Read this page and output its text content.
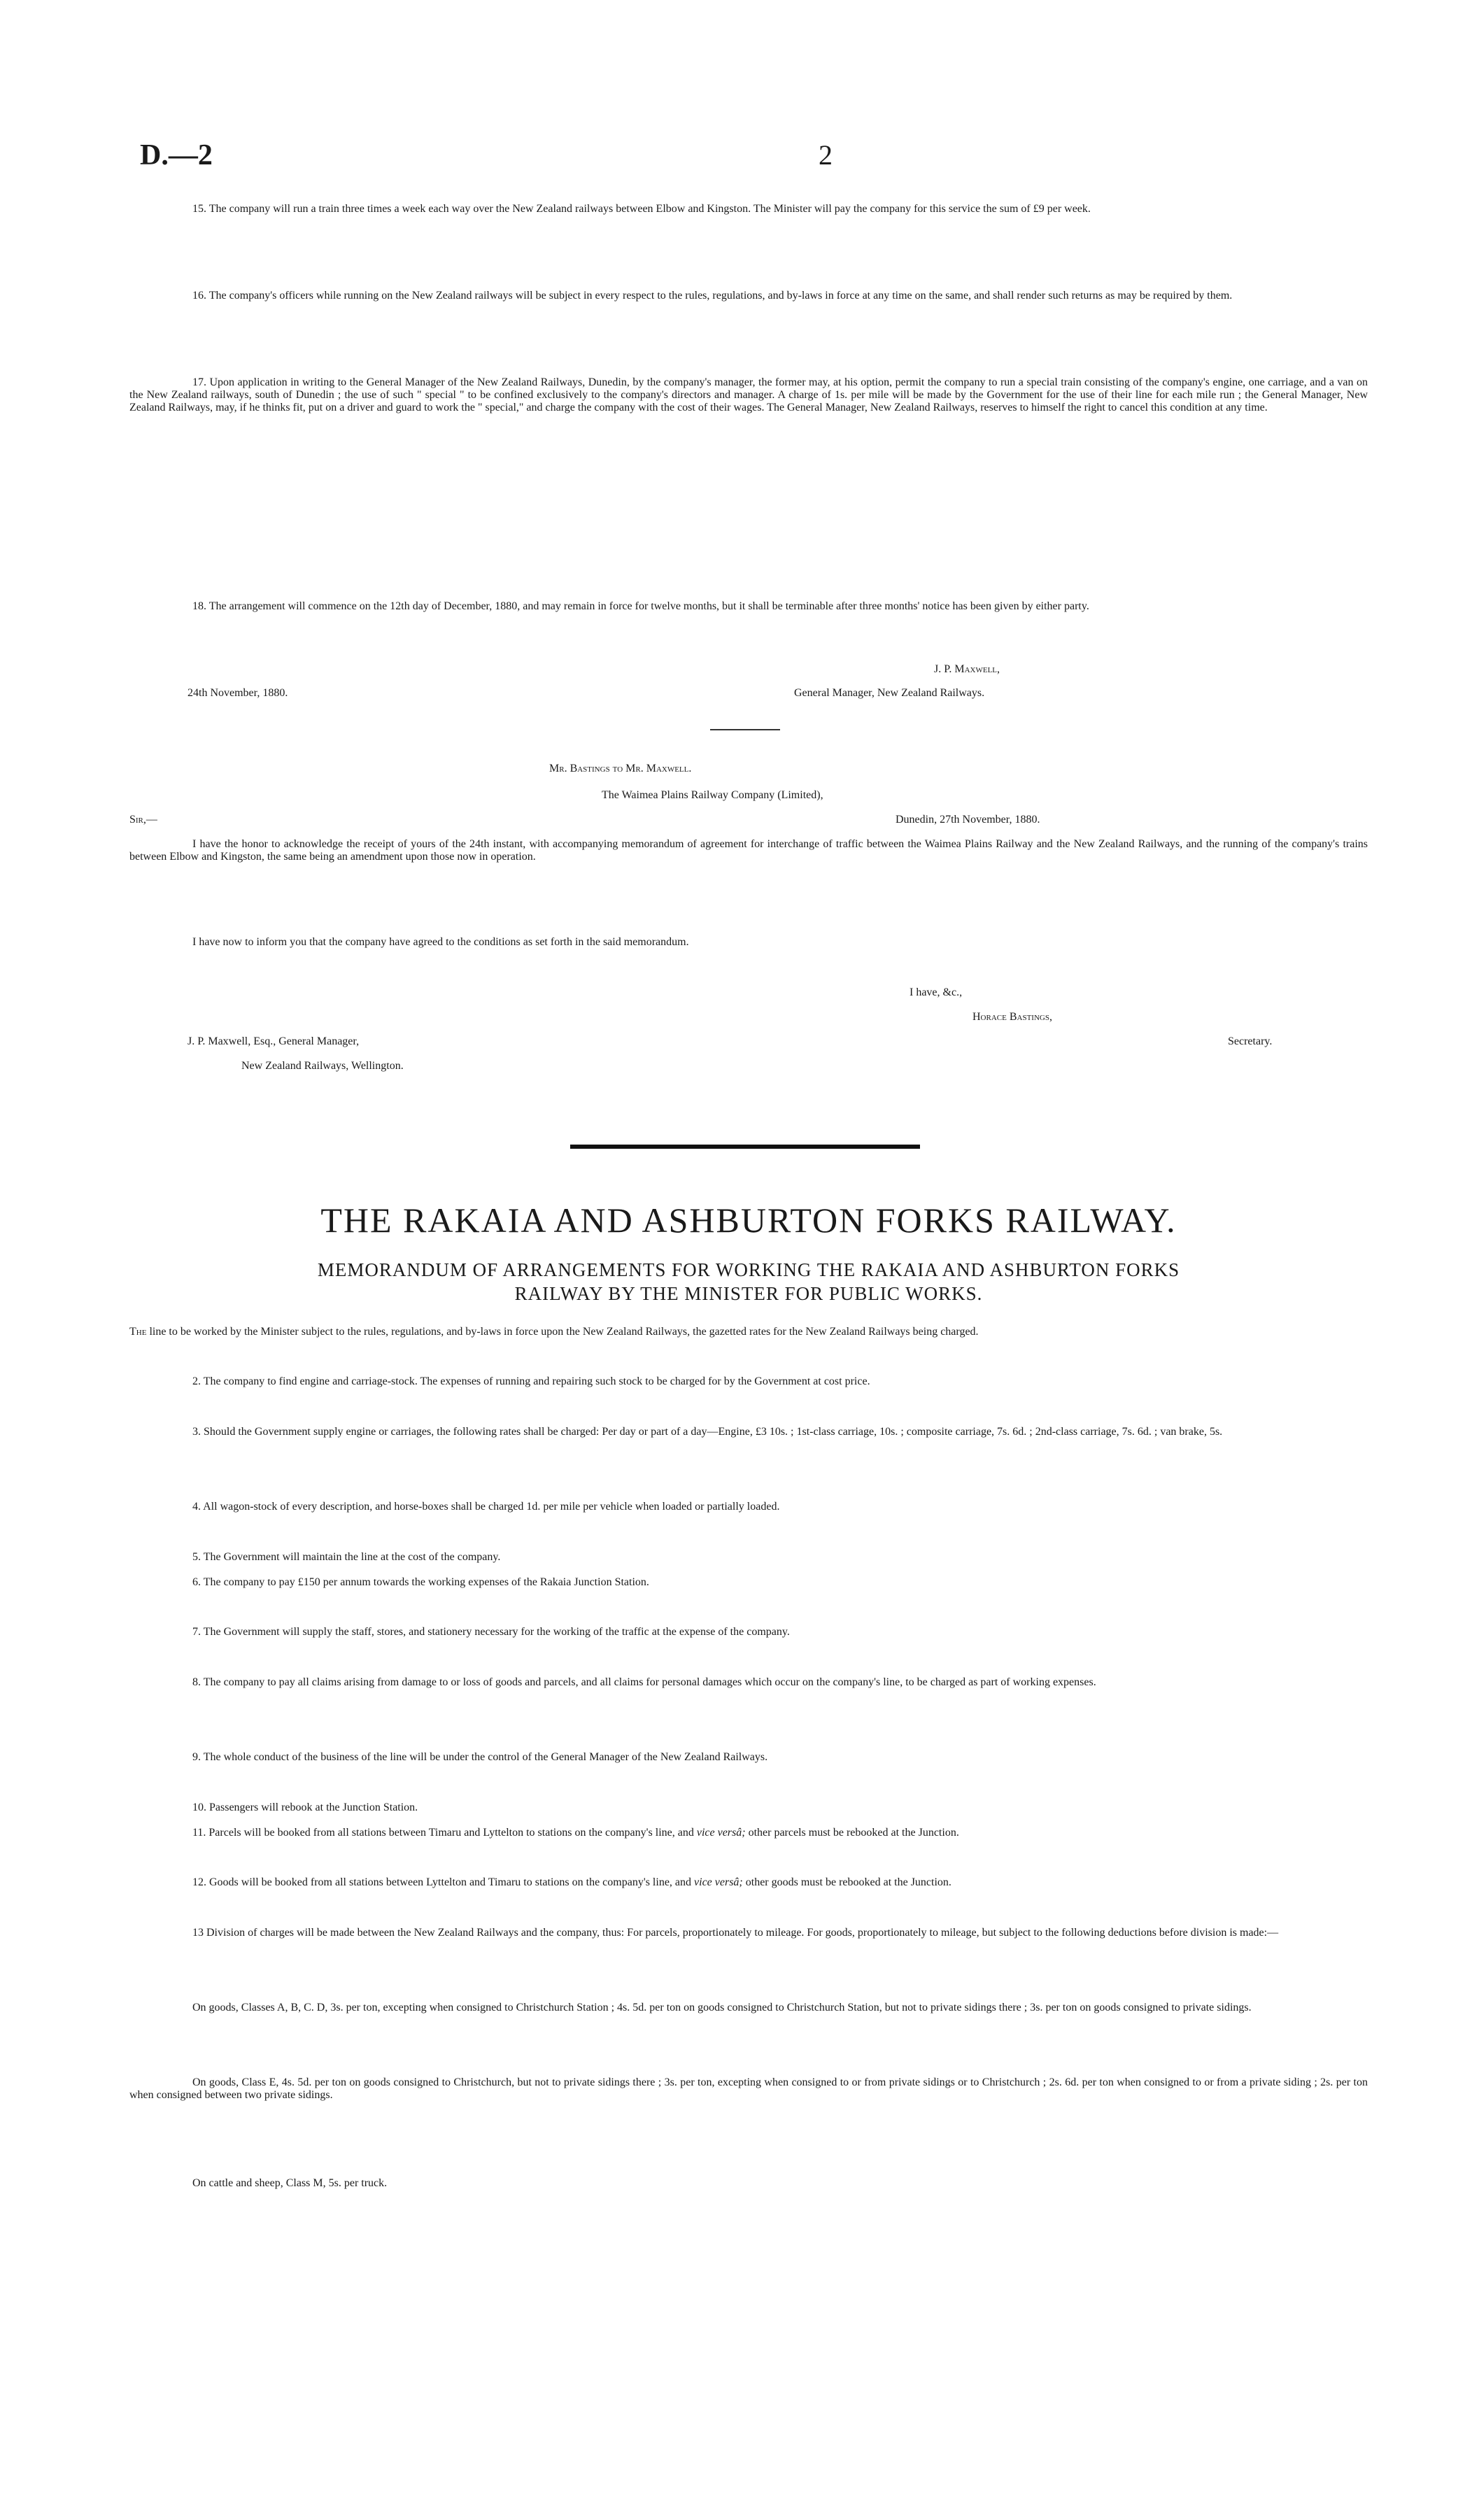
D.—2	2
15. The company will run a train three times a week each way over the New Zealand railways between Elbow and Kingston. The Minister will pay the company for this service the sum of £9 per week.
16. The company's officers while running on the New Zealand railways will be subject in every respect to the rules, regulations, and by-laws in force at any time on the same, and shall render such returns as may be required by them.
17. Upon application in writing to the General Manager of the New Zealand Railways, Dunedin, by the company's manager, the former may, at his option, permit the company to run a special train consisting of the company's engine, one carriage, and a van on the New Zealand railways, south of Dunedin ; the use of such " special " to be confined exclusively to the company's directors and manager. A charge of 1s. per mile will be made by the Government for the use of their line for each mile run ; the General Manager, New Zealand Railways, may, if he thinks fit, put on a driver and guard to work the " special," and charge the company with the cost of their wages. The General Manager, New Zealand Railways, reserves to himself the right to cancel this condition at any time.
18. The arrangement will commence on the 12th day of December, 1880, and may remain in force for twelve months, but it shall be terminable after three months' notice has been given by either party.
J. P. Maxwell,
24th November, 1880.	General Manager, New Zealand Railways.
Mr. Bastings to Mr. Maxwell.
The Waimea Plains Railway Company (Limited),
Sir,—	Dunedin, 27th November, 1880.
I have the honor to acknowledge the receipt of yours of the 24th instant, with accompanying memorandum of agreement for interchange of traffic between the Waimea Plains Railway and the New Zealand Railways, and the running of the company's trains between Elbow and Kingston, the same being an amendment upon those now in operation.
I have now to inform you that the company have agreed to the conditions as set forth in the said memorandum.
I have, &c.,
Horace Bastings,
J. P. Maxwell, Esq., General Manager,	Secretary.
New Zealand Railways, Wellington.
THE RAKAIA AND ASHBURTON FORKS RAILWAY.
MEMORANDUM OF ARRANGEMENTS FOR WORKING THE RAKAIA AND ASHBURTON FORKS
RAILWAY BY THE MINISTER FOR PUBLIC WORKS.
The line to be worked by the Minister subject to the rules, regulations, and by-laws in force upon the New Zealand Railways, the gazetted rates for the New Zealand Railways being charged.
2. The company to find engine and carriage-stock. The expenses of running and repairing such stock to be charged for by the Government at cost price.
3. Should the Government supply engine or carriages, the following rates shall be charged: Per day or part of a day—Engine, £3 10s. ; 1st-class carriage, 10s. ; composite carriage, 7s. 6d. ; 2nd-class carriage, 7s. 6d. ; van brake, 5s.
4. All wagon-stock of every description, and horse-boxes shall be charged 1d. per mile per vehicle when loaded or partially loaded.
5. The Government will maintain the line at the cost of the company.
6. The company to pay £150 per annum towards the working expenses of the Rakaia Junction Station.
7. The Government will supply the staff, stores, and stationery necessary for the working of the traffic at the expense of the company.
8. The company to pay all claims arising from damage to or loss of goods and parcels, and all claims for personal damages which occur on the company's line, to be charged as part of working expenses.
9. The whole conduct of the business of the line will be under the control of the General Manager of the New Zealand Railways.
10. Passengers will rebook at the Junction Station.
11. Parcels will be booked from all stations between Timaru and Lyttelton to stations on the company's line, and vice versâ; other parcels must be rebooked at the Junction.
12. Goods will be booked from all stations between Lyttelton and Timaru to stations on the company's line, and vice versâ; other goods must be rebooked at the Junction.
13 Division of charges will be made between the New Zealand Railways and the company, thus: For parcels, proportionately to mileage. For goods, proportionately to mileage, but subject to the following deductions before division is made:—
On goods, Classes A, B, C. D, 3s. per ton, excepting when consigned to Christchurch Station ; 4s. 5d. per ton on goods consigned to Christchurch Station, but not to private sidings there ; 3s. per ton on goods consigned to private sidings.
On goods, Class E, 4s. 5d. per ton on goods consigned to Christchurch, but not to private sidings there ; 3s. per ton, excepting when consigned to or from private sidings or to Christchurch ; 2s. 6d. per ton when consigned to or from a private siding ; 2s. per ton when consigned between two private sidings.
On cattle and sheep, Class M, 5s. per truck.
